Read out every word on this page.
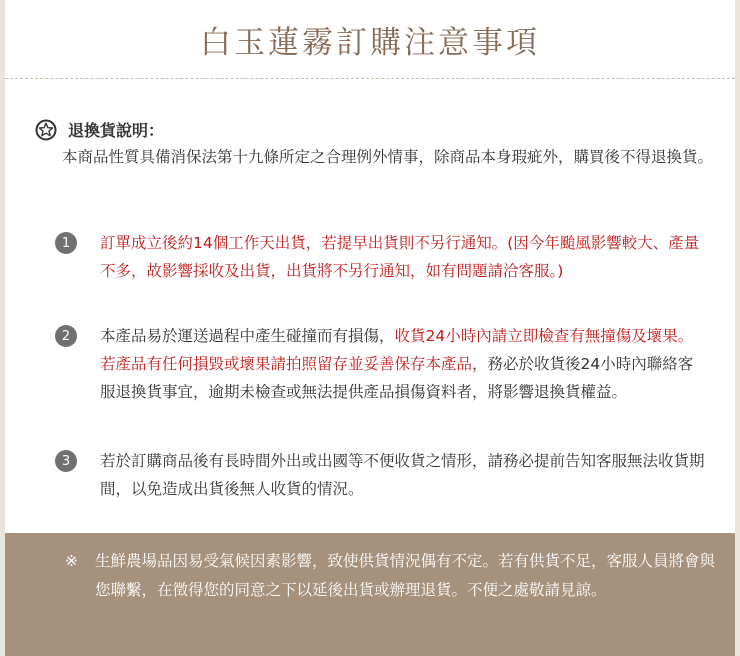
白玉蓮霧訂購注意事項
退換貨說明：
本商品性質具備消保法第十九條所定之合理例外情事，除商品本身瑕疵外，購買後不得退換貨。
1	訂單成立後約14個工作天出貨，若提早出貨則不另行通知。(因今年颱風影響較大、產量不多，故影響採收及出貨，出貨將不另行通知，如有問題請洽客服。)
2	本產品易於運送過程中產生碰撞而有損傷，收貨24小時內請立即檢查有無撞傷及壞果。若產品有任何損毀或壞果請拍照留存並妥善保存本產品，務必於收貨後24小時內聯絡客服退換貨事宜，逾期未檢查或無法提供產品損傷資料者，將影響退換貨權益。
3	若於訂購商品後有長時間外出或出國等不便收貨之情形，請務必提前告知客服無法收貨期間，以免造成出貨後無人收貨的情況。
※	生鮮農場品因易受氣候因素影響，致使供貨情況偶有不定。若有供貨不足，客服人員將會與您聯繫，在徵得您的同意之下以延後出貨或辦理退貨。不便之處敬請見諒。
